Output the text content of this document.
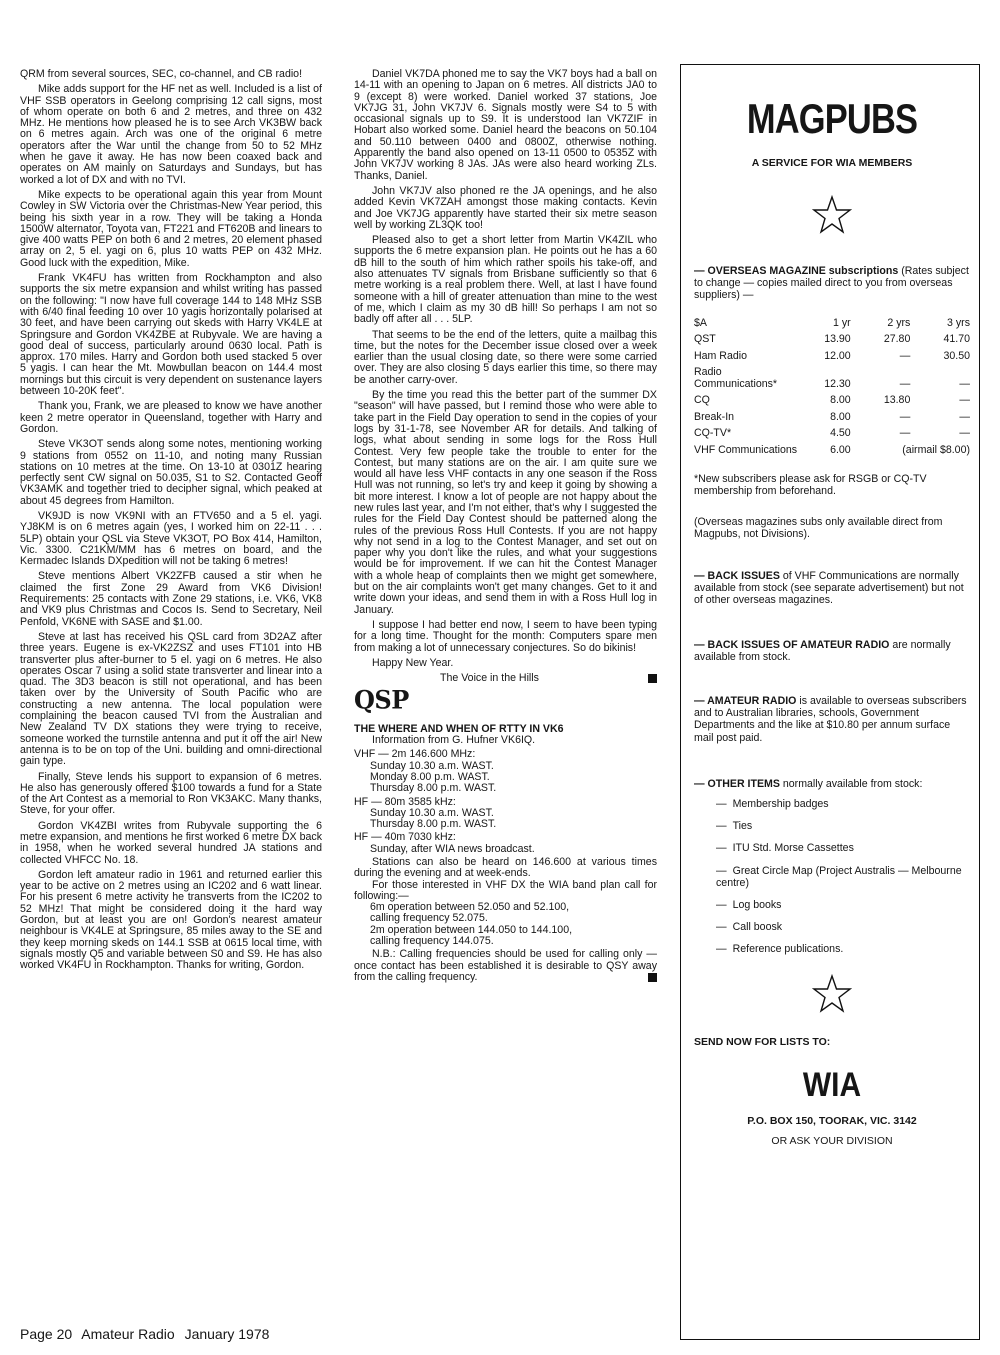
QRM from several sources, SEC, co-channel, and CB radio!

Mike adds support for the HF net as well. Included is a list of VHF SSB operators in Geelong comprising 12 call signs, most of whom operate on both 6 and 2 metres, and three on 432 MHz. He mentions how pleased he is to see Arch VK3BW back on 6 metres again. Arch was one of the original 6 metre operators after the War until the change from 50 to 52 MHz when he gave it away. He has now been coaxed back and operates on AM mainly on Saturdays and Sundays, but has worked a lot of DX and with no TVI.

Mike expects to be operational again this year from Mount Cowley in SW Victoria over the Christmas-New Year period, this being his sixth year in a row. They will be taking a Honda 1500W alternator, Toyota van, FT221 and FT620B and linears to give 400 watts PEP on both 6 and 2 metres, 20 element phased array on 2, 5 el. yagi on 6, plus 10 watts PEP on 432 MHz. Good luck with the expedition, Mike.

Frank VK4FU has written from Rockhampton and also supports the six metre expansion and whilst writing has passed on the following: "I now have full coverage 144 to 148 MHz SSB with 6/40 final feeding 10 over 10 yagis horizontally polarised at 30 feet, and have been carrying out skeds with Harry VK4LE at Springsure and Gordon VK4ZBE at Rubyvale. We are having a good deal of success, particularly around 0630 local. Path is approx. 170 miles. Harry and Gordon both used stacked 5 over 5 yagis. I can hear the Mt. Mowbullan beacon on 144.4 most mornings but this circuit is very dependent on sustenance layers between 10-20K feet".

Thank you, Frank, we are pleased to know we have another keen 2 metre operator in Queensland, together with Harry and Gordon.

Steve VK3OT sends along some notes, mentioning working 9 stations from 0552 on 11-10, and noting many Russian stations on 10 metres at the time. On 13-10 at 0301Z hearing perfectly sent CW signal on 50.035, S1 to S2. Contacted Geoff VK3AMK and together tried to decipher signal, which peaked at about 45 degrees from Hamilton.

VK9JD is now VK9NI with an FTV650 and a 5 el. yagi. YJ8KM is on 6 metres again (yes, I worked him on 22-11 . . . 5LP) obtain your QSL via Steve VK3OT, PO Box 414, Hamilton, Vic. 3300. C21KM/MM has 6 metres on board, and the Kermadec Islands DXpedition will not be taking 6 metres!

Steve mentions Albert VK2ZFB caused a stir when he claimed the first Zone 29 Award from VK6 Division! Requirements: 25 contacts with Zone 29 stations, i.e. VK6, VK8 and VK9 plus Christmas and Cocos Is. Send to Secretary, Neil Penfold, VK6NE with SASE and $1.00.

Steve at last has received his QSL card from 3D2AZ after three years. Eugene is ex-VK2ZSZ and uses FT101 into HB transverter plus after-burner to 5 el. yagi on 6 metres. He also operates Oscar 7 using a solid state transverter and linear into a quad. The 3D3 beacon is still not operational, and has been taken over by the University of South Pacific who are constructing a new antenna. The local population were complaining the beacon caused TVI from the Australian and New Zealand TV DX stations they were trying to receive, someone worked the turnstile antenna and put it off the air! New antenna is to be on top of the Uni. building and omni-directional gain type.

Finally, Steve lends his support to expansion of 6 metres. He also has generously offered $100 towards a fund for a State of the Art Contest as a memorial to Ron VK3AKC. Many thanks, Steve, for your offer.

Gordon VK4ZBI writes from Rubyvale supporting the 6 metre expansion, and mentions he first worked 6 metre DX back in 1958, when he worked several hundred JA stations and collected VHFCC No. 18.

Gordon left amateur radio in 1961 and returned earlier this year to be active on 2 metres using an IC202 and 6 watt linear. For his present 6 metre activity he transverts from the IC202 to 52 MHz! That might be considered doing it the hard way Gordon, but at least you are on! Gordon's nearest amateur neighbour is VK4LE at Springsure, 85 miles away to the SE and they keep morning skeds on 144.1 SSB at 0615 local time, with signals mostly Q5 and variable between S0 and S9. He has also worked VK4FU in Rockhampton. Thanks for writing, Gordon.

Daniel VK7DA phoned me to say the VK7 boys had a ball on 14-11 with an opening to Japan on 6 metres. All districts JA0 to 9 (except 8) were worked. Daniel worked 37 stations, Joe VK7JG 31, John VK7JV 6. Signals mostly were S4 to 5 with occasional signals up to S9. It is understood Ian VK7ZIF in Hobart also worked some. Daniel heard the beacons on 50.104 and 50.110 between 0400 and 0800Z, otherwise nothing. Apparently the band also opened on 13-11 0500 to 0535Z with John VK7JV working 8 JAs. JAs were also heard working ZLs. Thanks, Daniel.

John VK7JV also phoned re the JA openings, and he also added Kevin VK7ZAH amongst those making contacts. Kevin and Joe VK7JG apparently have started their six metre season well by working ZL3QK too!

Pleased also to get a short letter from Martin VK4ZIL who supports the 6 metre expansion plan. He points out he has a 60 dB hill to the south of him which rather spoils his take-off, and also attenuates TV signals from Brisbane sufficiently so that 6 metre working is a real problem there. Well, at last I have found someone with a hill of greater attenuation than mine to the west of me, which I claim as my 30 dB hill! So perhaps I am not so badly off after all . . . 5LP.

That seems to be the end of the letters, quite a mailbag this time, but the notes for the December issue closed over a week earlier than the usual closing date, so there were some carried over. They are also closing 5 days earlier this time, so there may be another carry-over.

By the time you read this the better part of the summer DX "season" will have passed, but I remind those who were able to take part in the Field Day operation to send in the copies of your logs by 31-1-78, see November AR for details. And talking of logs, what about sending in some logs for the Ross Hull Contest. Very few people take the trouble to enter for the Contest, but many stations are on the air. I am quite sure we would all have less VHF contacts in any one season if the Ross Hull was not running, so let's try and keep it going by showing a bit more interest. I know a lot of people are not happy about the new rules last year, and I'm not either, that's why I suggested the rules for the Field Day Contest should be patterned along the rules of the previous Ross Hull Contests. If you are not happy why not send in a log to the Contest Manager, and set out on paper why you don't like the rules, and what your suggestions would be for improvement. If we can hit the Contest Manager with a whole heap of complaints then we might get somewhere, but on the air complaints won't get many changes. Get to it and write down your ideas, and send them in with a Ross Hull log in January.

I suppose I had better end now, I seem to have been typing for a long time. Thought for the month: Computers spare men from making a lot of unnecessary conjectures. So do bikinis!

Happy New Year.

The Voice in the Hills

QSP

THE WHERE AND WHEN OF RTTY IN VK6

Information from G. Hufner VK6IQ.

VHF — 2m 146.600 MHz:

Sunday 10.30 a.m. WAST.

Monday 8.00 p.m. WAST.

Thursday 8.00 p.m. WAST.

HF — 80m 3585 kHz:

Sunday 10.30 a.m. WAST.

Thursday 8.00 p.m. WAST.

HF — 40m 7030 kHz:

Sunday, after WIA news broadcast.

Stations can also be heard on 146.600 at various times during the evening and at week-ends.

For those interested in VHF DX the WIA band plan call for following:—

6m operation between 52.050 and 52.100,

calling frequency 52.075.

2m operation between 144.050 to 144.100,

calling frequency 144.075.

N.B.: Calling frequencies should be used for calling only — once contact has been established it is desirable to QSY away from the calling frequency.

MAGPUBS
A SERVICE FOR WIA MEMBERS
— OVERSEAS MAGAZINE subscriptions (Rates subject to change — copies mailed direct to you from overseas suppliers) —
$A	1 yr	2 yrs	3 yrs
QST	13.90	27.80	41.70
Ham Radio	12.00	—	30.50
Radio Communications*	12.30	—	—
CQ	8.00	13.80	—
Break-In	8.00	—	—
CQ-TV*	4.50	—	—
VHF Communications	6.00	(airmail $8.00)	
*New subscribers please ask for RSGB or CQ-TV membership from beforehand.
(Overseas magazines subs only available direct from Magpubs, not Divisions).
— BACK ISSUES of VHF Communications are normally available from stock (see separate advertisement) but not of other overseas magazines.
— BACK ISSUES OF AMATEUR RADIO are normally available from stock.
— AMATEUR RADIO is available to overseas subscribers and to Australian libraries, schools, Government Departments and the like at $10.80 per annum surface mail post paid.
— OTHER ITEMS normally available from stock:
— Membership badges
— Ties
— ITU Std. Morse Cassettes
— Great Circle Map (Project Australis — Melbourne centre)
— Log books
— Call boosk
— Reference publications.
SEND NOW FOR LISTS TO:
WIA
P.O. BOX 150, TOORAK, VIC. 3142
OR ASK YOUR DIVISION
Page 20 Amateur Radio January 1978
